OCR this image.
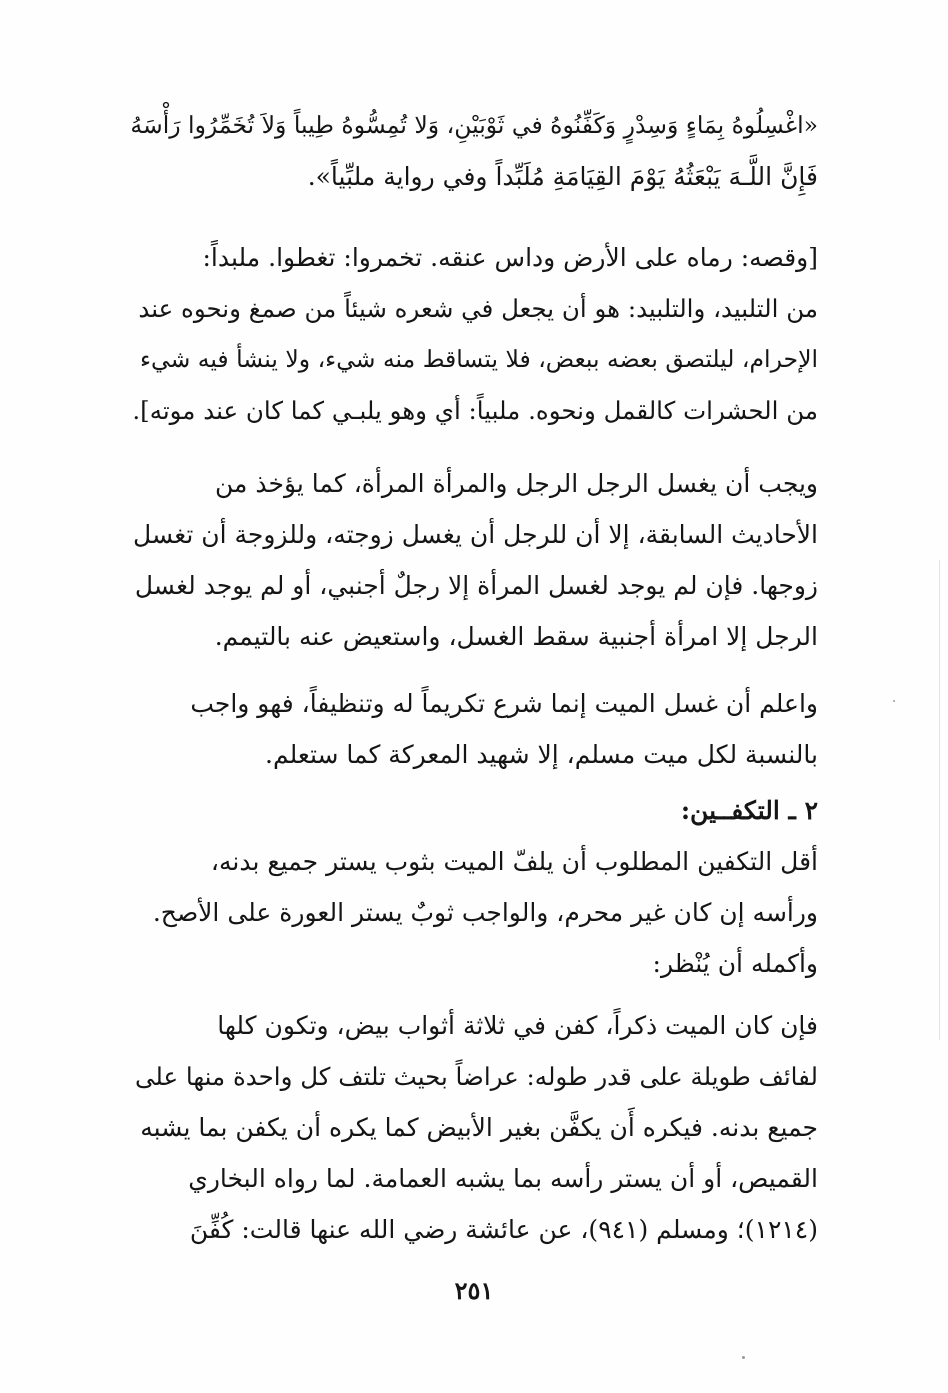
«اغْسِلُوهُ بِمَاءٍ وَسِدْرٍ وَكَفِّنُوهُ في ثَوْبَيْنِ، وَلا تُمِسُّوهُ طِيباً وَلاَ تُخَمِّرُوا رَأْسَهُ

فَإِنَّ اللَّـهَ يَبْعَثُهُ يَوْمَ القِيَامَةِ مُلَبِّداً وفي رواية ملبِّياً».

[وقصه: رماه على الأرض وداس عنقه. تخمروا: تغطوا. ملبداً:

من التلبيد، والتلبيد: هو أن يجعل في شعره شيئاً من صمغ ونحوه عند

الإحرام، ليلتصق بعضه ببعض، فلا يتساقط منه شيء، ولا ينشأ فيه شيء

من الحشرات كالقمل ونحوه. ملبياً: أي وهو يلبـي كما كان عند موته].

ويجب أن يغسل الرجل الرجل والمرأة المرأة، كما يؤخذ من

الأحاديث السابقة، إلا أن للرجل أن يغسل زوجته، وللزوجة أن تغسل

زوجها. فإن لم يوجد لغسل المرأة إلا رجلٌ أجنبي، أو لم يوجد لغسل

الرجل إلا امرأة أجنبية سقط الغسل، واستعيض عنه بالتيمم.

واعلم أن غسل الميت إنما شرع تكريماً له وتنظيفاً، فهو واجب

بالنسبة لكل ميت مسلم، إلا شهيد المعركة كما ستعلم.

٢ ـ التكفــين:

أقل التكفين المطلوب أن يلفّ الميت بثوب يستر جميع بدنه،

ورأسه إن كان غير محرم، والواجب ثوبٌ يستر العورة على الأصح.

وأكمله أن يُنْظر:

فإن كان الميت ذكراً، كفن في ثلاثة أثواب بيض، وتكون كلها

لفائف طويلة على قدر طوله: عراضاً بحيث تلتف كل واحدة منها على

جميع بدنه. فيكره أَن يكفَّن بغير الأبيض كما يكره أن يكفن بما يشبه

القميص، أو أن يستر رأسه بما يشبه العمامة. لما رواه البخاري

(١٢١٤)؛ ومسلم (٩٤١)، عن عائشة رضي الله عنها قالت: كُفِّنَ

٢٥١
